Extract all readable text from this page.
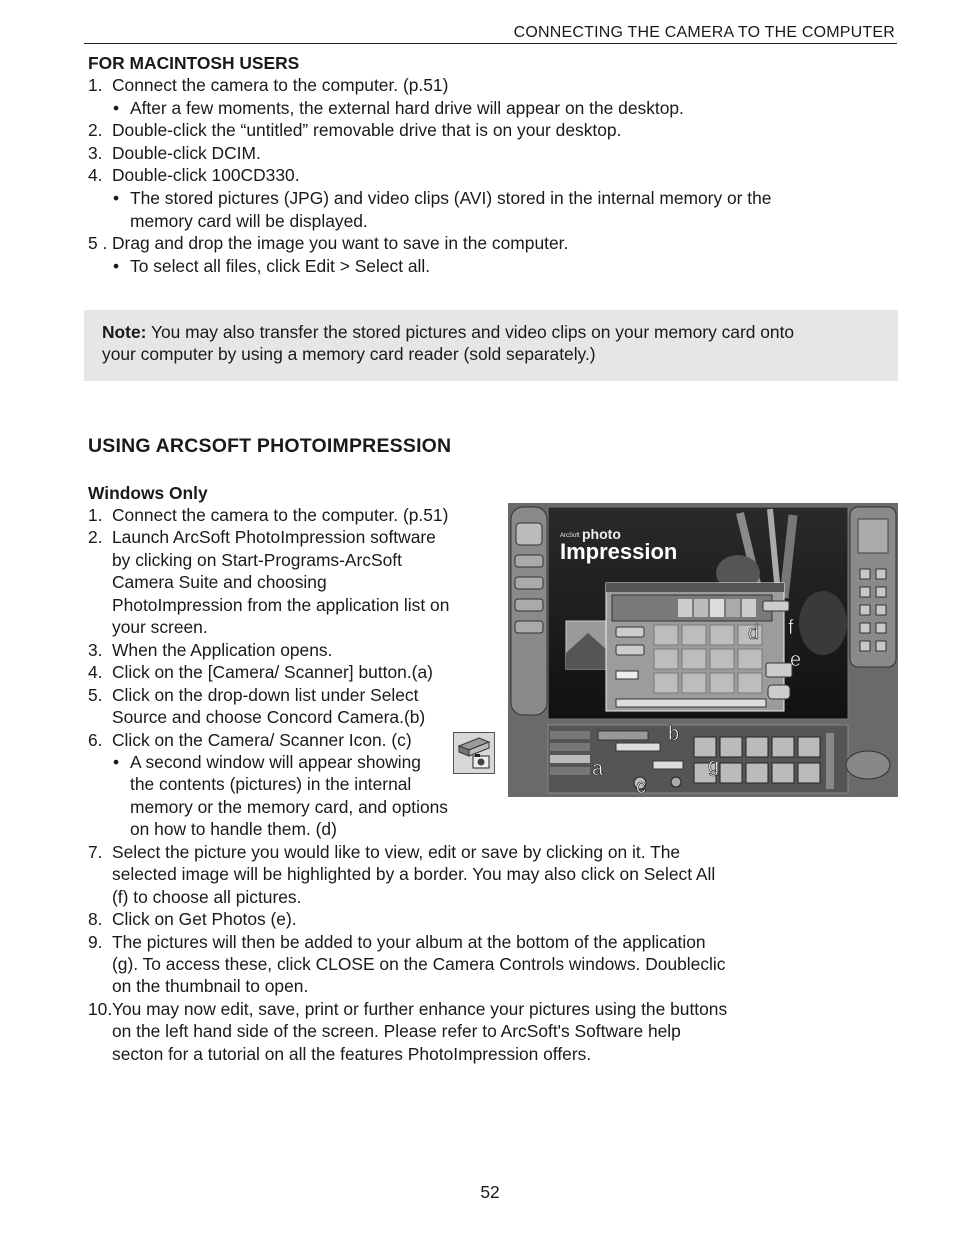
CONNECTING THE CAMERA TO THE COMPUTER
FOR MACINTOSH USERS
1. Connect the camera to the computer. (p.51)
• After a few moments, the external hard drive will appear on the desktop.
2. Double-click the “untitled” removable drive that is on your desktop.
3. Double-click DCIM.
4. Double-click 100CD330.
• The stored pictures (JPG) and video clips (AVI) stored in the internal memory or the
memory card will be displayed.
5 . Drag and drop the image you want to save in the computer.
• To select all files, click Edit > Select all.
Note: You may also transfer the stored pictures and video clips on your memory card onto
your computer by using a memory card reader (sold separately.)
USING ARCSOFT PHOTOIMPRESSION
Windows Only
1. Connect the camera to the computer. (p.51)
2. Launch ArcSoft PhotoImpression software
by clicking on Start-Programs-ArcSoft
Camera Suite and choosing
PhotoImpression from the application list on
your screen.
3. When the Application opens.
4. Click on the [Camera/ Scanner] button.(a)
5. Click on the drop-down list under Select
Source and choose Concord Camera.(b)
6. Click on the Camera/ Scanner Icon. (c)
• A second window will appear showing
the contents (pictures) in the internal
memory or the memory card, and options
on how to handle them. (d)
7. Select the picture you would like to view, edit or save by clicking on it. The
selected image will be highlighted by a border. You may also click on Select All
(f) to choose all pictures.
8. Click on Get Photos (e).
9. The pictures will then be added to your album at the bottom of the application
(g). To access these, click CLOSE on the Camera Controls windows. Doubleclic
on the thumbnail to open.
10. You may now edit, save, print or further enhance your pictures using the buttons
on the left hand side of the screen. Please refer to ArcSoft's Software help
secton for a tutorial on all the features PhotoImpression offers.
ArcSoft photo
Impression
d f
e
b
a	g
c
52
